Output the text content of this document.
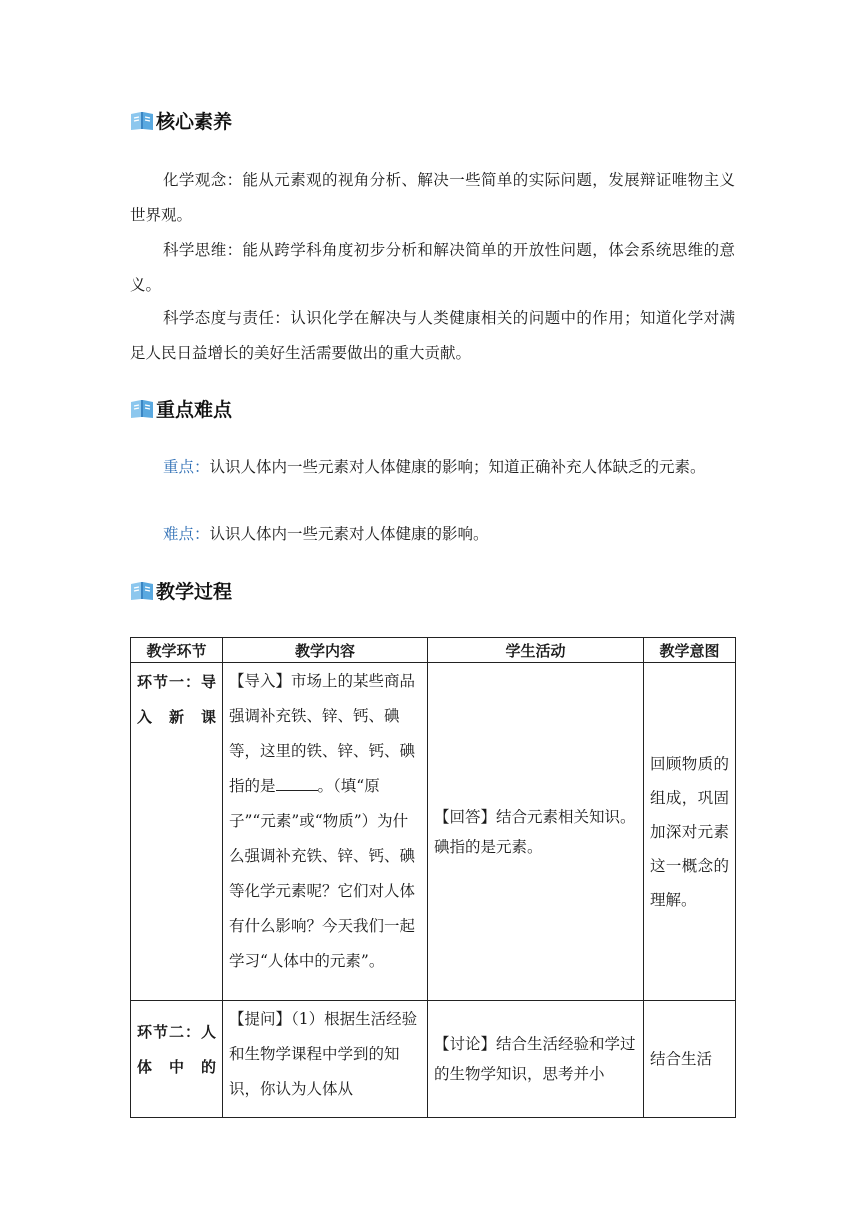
核心素养

化学观念：能从元素观的视角分析、解决一些简单的实际问题，发展辩证唯物主义世界观。

科学思维：能从跨学科角度初步分析和解决简单的开放性问题，体会系统思维的意义。

科学态度与责任：认识化学在解决与人类健康相关的问题中的作用；知道化学对满足人民日益增长的美好生活需要做出的重大贡献。

重点难点

重点：认识人体内一些元素对人体健康的影响；知道正确补充人体缺乏的元素。

难点：认识人体内一些元素对人体健康的影响。

教学过程
教学环节	教学内容	学生活动	教学意图
环节一：导入新课	【导入】市场上的某些商品强调补充铁、锌、钙、碘等，这里的铁、锌、钙、碘指的是 。（填“原子”“元素”或“物质”）为什么强调补充铁、锌、钙、碘等化学元素呢？它们对人体有什么影响？今天我们一起学习“人体中的元素”。	【回答】结合元素相关知识。碘指的是元素。	回顾物质的组成，巩固加深对元素这一概念的理解。
环节二：人体中的	【提问】（1）根据生活经验和生物学课程中学到的知识，你认为人体从	【讨论】结合生活经验和学过的生物学知识，思考并小	结合生活
